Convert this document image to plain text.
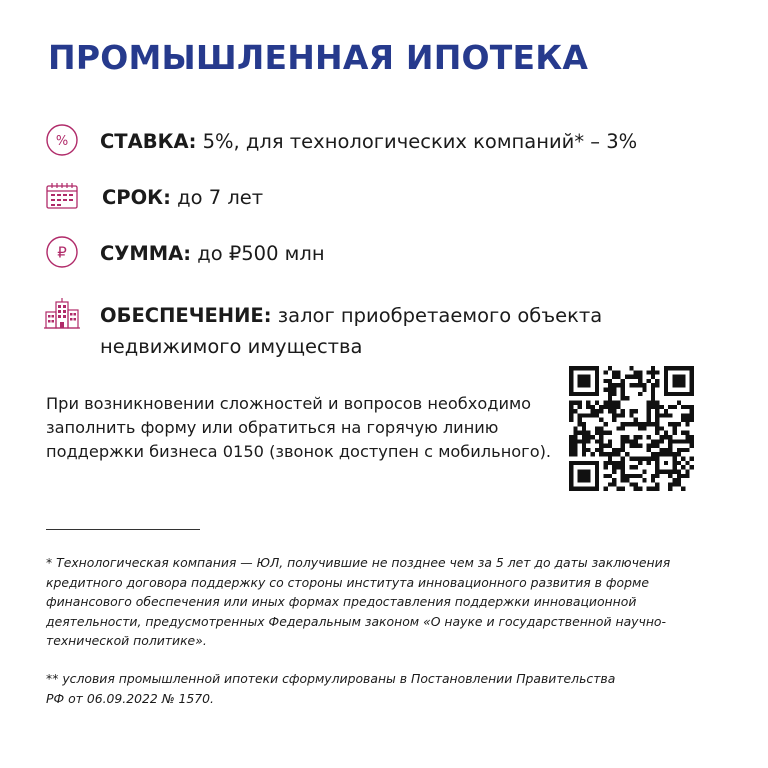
ПРОМЫШЛЕННАЯ ИПОТЕКА
% СТАВКА: 5%, для технологических компаний* – 3%
СРОК: до 7 лет
₽ СУММА: до ₽500 млн
ОБЕСПЕЧЕНИЕ: залог приобретаемого объекта
недвижимого имущества
При возникновении сложностей и вопросов необходимо
заполнить форму или обратиться на горячую линию
поддержки бизнеса 0150 (звонок доступен с мобильного).
* Технологическая компания — ЮЛ, получившие не позднее чем за 5 лет до даты заключения
кредитного договора поддержку со стороны института инновационного развития в форме
финансового обеспечения или иных формах предоставления поддержки инновационной
деятельности, предусмотренных Федеральным законом «О науке и государственной научно-
технической политике».
** условия промышленной ипотеки сформулированы в Постановлении Правительства
РФ от 06.09.2022 № 1570.
